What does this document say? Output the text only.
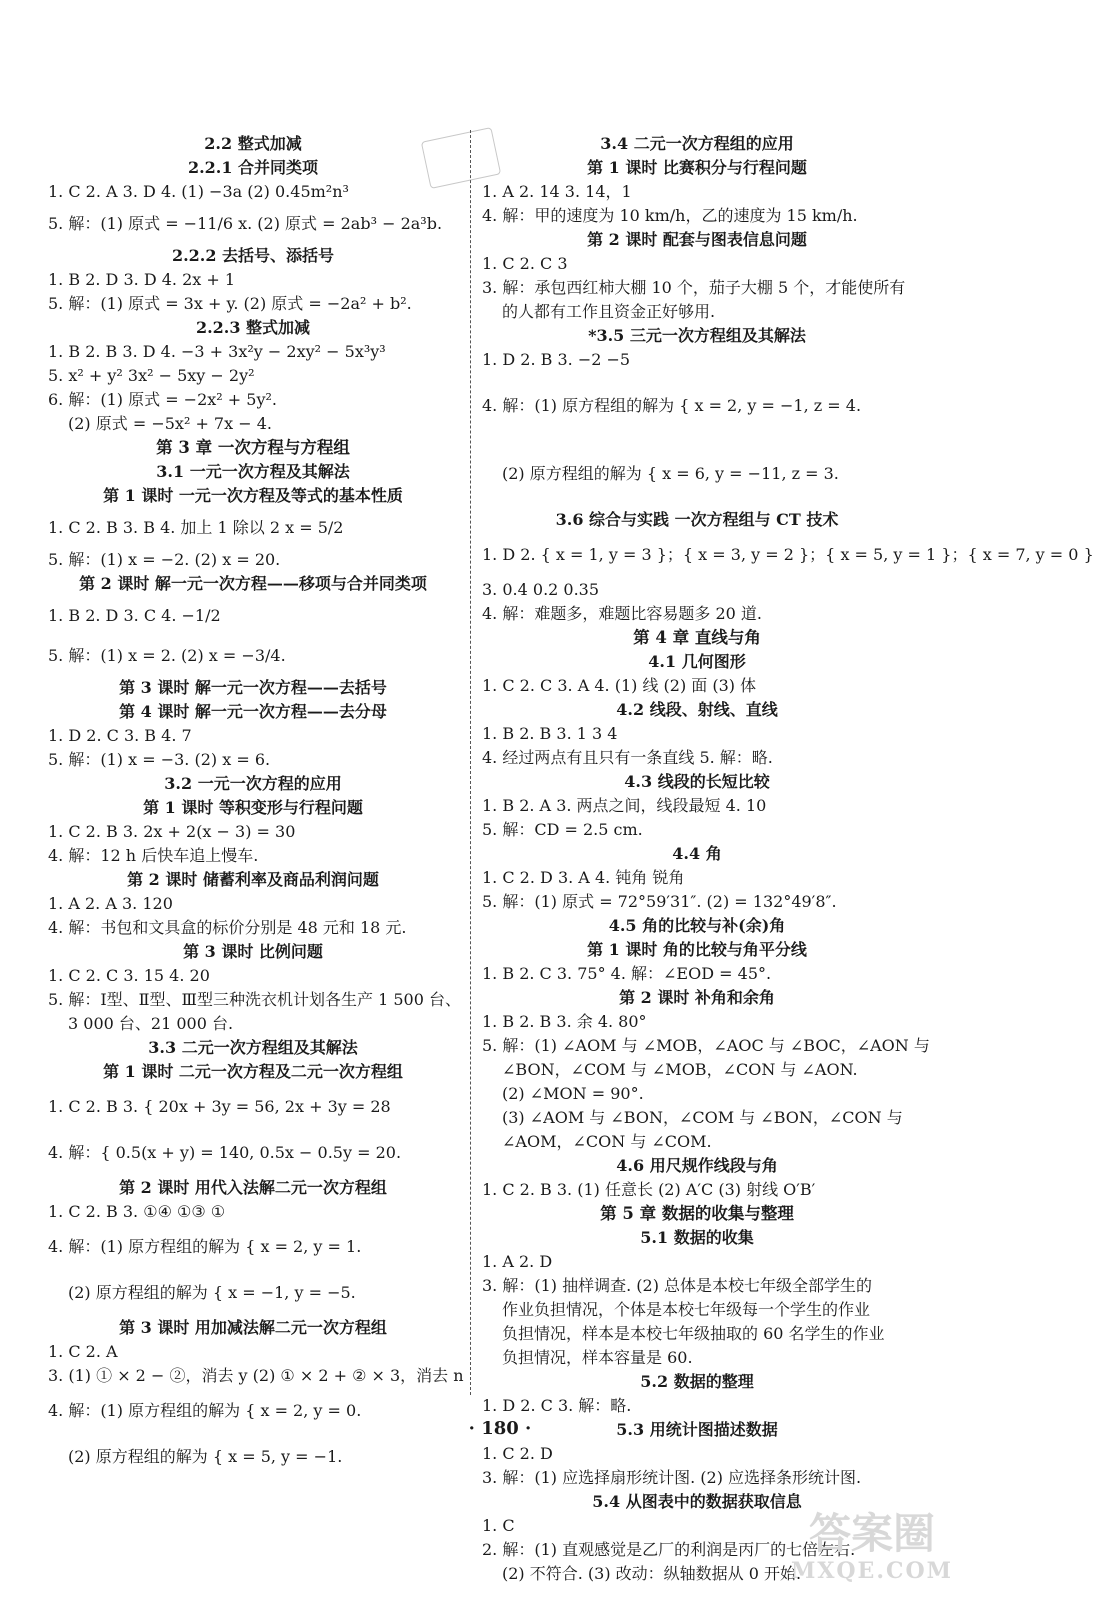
2.2 整式加减
2.2.1 合并同类项
1. C 2. A 3. D 4. (1) −3a (2) 0.45m²n³
5. 解：(1) 原式 = −11/6 x. (2) 原式 = 2ab³ − 2a³b.
2.2.2 去括号、添括号
1. B 2. D 3. D 4. 2x + 1
5. 解：(1) 原式 = 3x + y. (2) 原式 = −2a² + b².
2.2.3 整式加减
1. B 2. B 3. D 4. −3 + 3x²y − 2xy² − 5x³y³
5. x² + y² 3x² − 5xy − 2y²
6. 解：(1) 原式 = −2x² + 5y².
(2) 原式 = −5x² + 7x − 4.
第 3 章 一次方程与方程组
3.1 一元一次方程及其解法
第 1 课时 一元一次方程及等式的基本性质
1. C 2. B 3. B 4. 加上 1 除以 2 x = 5/2
5. 解：(1) x = −2. (2) x = 20.
第 2 课时 解一元一次方程——移项与合并同类项
1. B 2. D 3. C 4. −1/2
5. 解：(1) x = 2. (2) x = −3/4.
第 3 课时 解一元一次方程——去括号
第 4 课时 解一元一次方程——去分母
1. D 2. C 3. B 4. 7
5. 解：(1) x = −3. (2) x = 6.
3.2 一元一次方程的应用
第 1 课时 等积变形与行程问题
1. C 2. B 3. 2x + 2(x − 3) = 30
4. 解：12 h 后快车追上慢车.
第 2 课时 储蓄利率及商品利润问题
1. A 2. A 3. 120
4. 解：书包和文具盒的标价分别是 48 元和 18 元.
第 3 课时 比例问题
1. C 2. C 3. 15 4. 20
5. 解：Ⅰ型、Ⅱ型、Ⅲ型三种洗衣机计划各生产 1 500 台、
3 000 台、21 000 台.
3.3 二元一次方程组及其解法
第 1 课时 二元一次方程及二元一次方程组
1. C 2. B 3. { 20x + 3y = 56, 2x + 3y = 28
4. 解：{ 0.5(x + y) = 140, 0.5x − 0.5y = 20.
第 2 课时 用代入法解二元一次方程组
1. C 2. B 3. ①④ ①③ ①
4. 解：(1) 原方程组的解为 { x = 2, y = 1.
(2) 原方程组的解为 { x = −1, y = −5.
第 3 课时 用加减法解二元一次方程组
1. C 2. A
3. (1) ① × 2 − ②，消去 y (2) ① × 2 + ② × 3，消去 n
4. 解：(1) 原方程组的解为 { x = 2, y = 0.
(2) 原方程组的解为 { x = 5, y = −1.
3.4 二元一次方程组的应用
第 1 课时 比赛积分与行程问题
1. A 2. 14 3. 14，1
4. 解：甲的速度为 10 km/h，乙的速度为 15 km/h.
第 2 课时 配套与图表信息问题
1. C 2. C 3
3. 解：承包西红柿大棚 10 个，茄子大棚 5 个，才能使所有
的人都有工作且资金正好够用.
*3.5 三元一次方程组及其解法
1. D 2. B 3. −2 −5
4. 解：(1) 原方程组的解为 { x = 2, y = −1, z = 4.
(2) 原方程组的解为 { x = 6, y = −11, z = 3.
3.6 综合与实践 一次方程组与 CT 技术
1. D 2. { x = 1, y = 3 }；{ x = 3, y = 2 }；{ x = 5, y = 1 }；{ x = 7, y = 0 }
3. 0.4 0.2 0.35
4. 解：难题多，难题比容易题多 20 道.
第 4 章 直线与角
4.1 几何图形
1. C 2. C 3. A 4. (1) 线 (2) 面 (3) 体
4.2 线段、射线、直线
1. B 2. B 3. 1 3 4
4. 经过两点有且只有一条直线 5. 解：略.
4.3 线段的长短比较
1. B 2. A 3. 两点之间，线段最短 4. 10
5. 解：CD = 2.5 cm.
4.4 角
1. C 2. D 3. A 4. 钝角 锐角
5. 解：(1) 原式 = 72°59′31″. (2) = 132°49′8″.
4.5 角的比较与补(余)角
第 1 课时 角的比较与角平分线
1. B 2. C 3. 75° 4. 解：∠EOD = 45°.
第 2 课时 补角和余角
1. B 2. B 3. 余 4. 80°
5. 解：(1) ∠AOM 与 ∠MOB，∠AOC 与 ∠BOC，∠AON 与
∠BON，∠COM 与 ∠MOB，∠CON 与 ∠AON.
(2) ∠MON = 90°.
(3) ∠AOM 与 ∠BON，∠COM 与 ∠BON，∠CON 与
∠AOM，∠CON 与 ∠COM.
4.6 用尺规作线段与角
1. C 2. B 3. (1) 任意长 (2) A′C (3) 射线 O′B′
第 5 章 数据的收集与整理
5.1 数据的收集
1. A 2. D
3. 解：(1) 抽样调查. (2) 总体是本校七年级全部学生的
作业负担情况，个体是本校七年级每一个学生的作业
负担情况，样本是本校七年级抽取的 60 名学生的作业
负担情况，样本容量是 60.
5.2 数据的整理
1. D 2. C 3. 解：略.
5.3 用统计图描述数据
1. C 2. D
3. 解：(1) 应选择扇形统计图. (2) 应选择条形统计图.
5.4 从图表中的数据获取信息
1. C
2. 解：(1) 直观感觉是乙厂的利润是丙厂的七倍左右.
(2) 不符合. (3) 改动：纵轴数据从 0 开始.
· 180 ·
答案圈
MXQE.COM
